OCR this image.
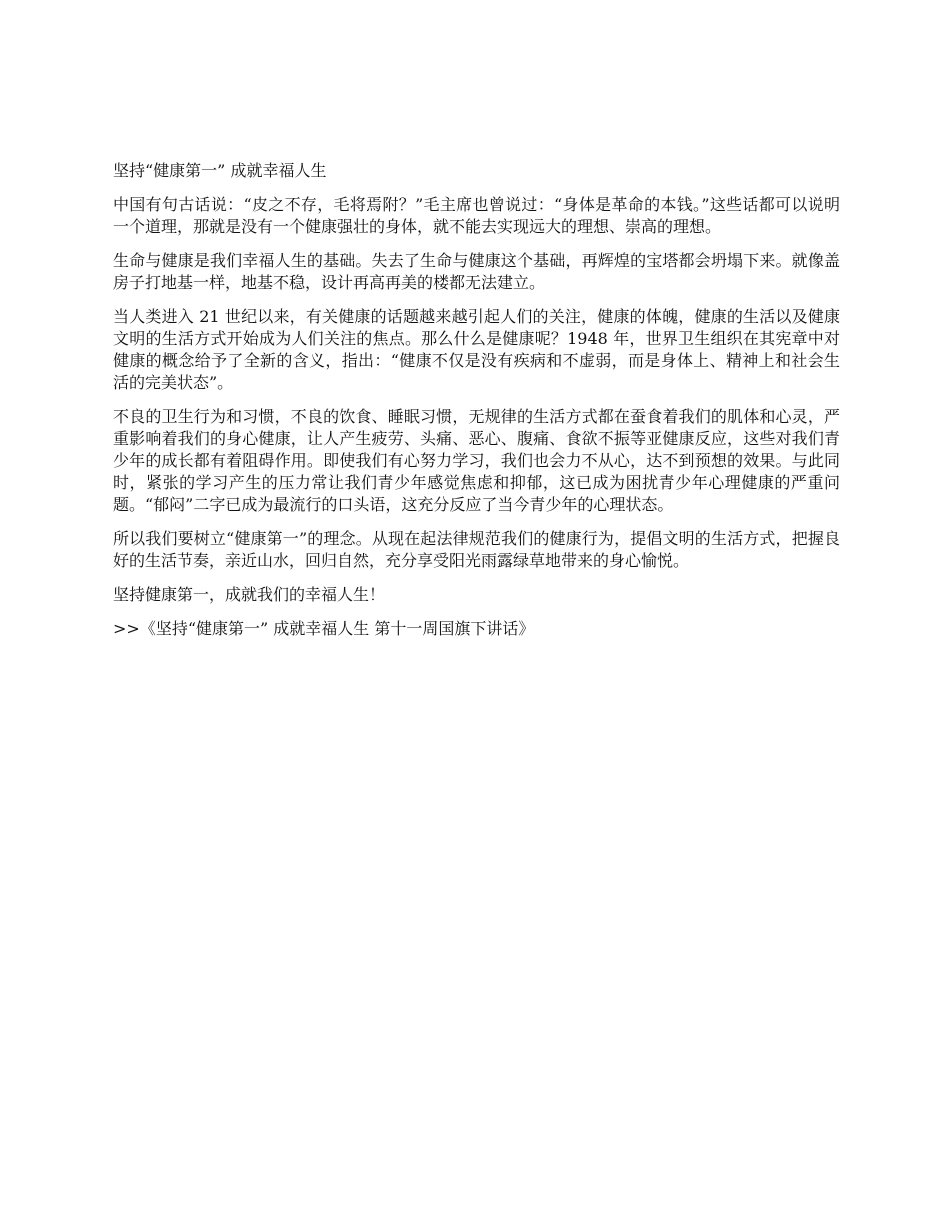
坚持“健康第一” 成就幸福人生

中国有句古话说：“皮之不存，毛将焉附？”毛主席也曾说过：“身体是革命的本钱。”这些话都可以说明一个道理，那就是没有一个健康强壮的身体，就不能去实现远大的理想、崇高的理想。

生命与健康是我们幸福人生的基础。失去了生命与健康这个基础，再辉煌的宝塔都会坍塌下来。就像盖房子打地基一样，地基不稳，设计再高再美的楼都无法建立。

当人类进入 21 世纪以来，有关健康的话题越来越引起人们的关注，健康的体魄，健康的生活以及健康文明的生活方式开始成为人们关注的焦点。那么什么是健康呢？1948 年，世界卫生组织在其宪章中对健康的概念给予了全新的含义，指出：“健康不仅是没有疾病和不虚弱，而是身体上、精神上和社会生活的完美状态”。

不良的卫生行为和习惯，不良的饮食、睡眠习惯，无规律的生活方式都在蚕食着我们的肌体和心灵，严重影响着我们的身心健康，让人产生疲劳、头痛、恶心、腹痛、食欲不振等亚健康反应，这些对我们青少年的成长都有着阻碍作用。即使我们有心努力学习，我们也会力不从心，达不到预想的效果。与此同时，紧张的学习产生的压力常让我们青少年感觉焦虑和抑郁，这已成为困扰青少年心理健康的严重问题。“郁闷”二字已成为最流行的口头语，这充分反应了当今青少年的心理状态。

所以我们要树立“健康第一”的理念。从现在起法律规范我们的健康行为，提倡文明的生活方式，把握良好的生活节奏，亲近山水，回归自然，充分享受阳光雨露绿草地带来的身心愉悦。

坚持健康第一，成就我们的幸福人生！

>>《坚持“健康第一” 成就幸福人生 第十一周国旗下讲话》
